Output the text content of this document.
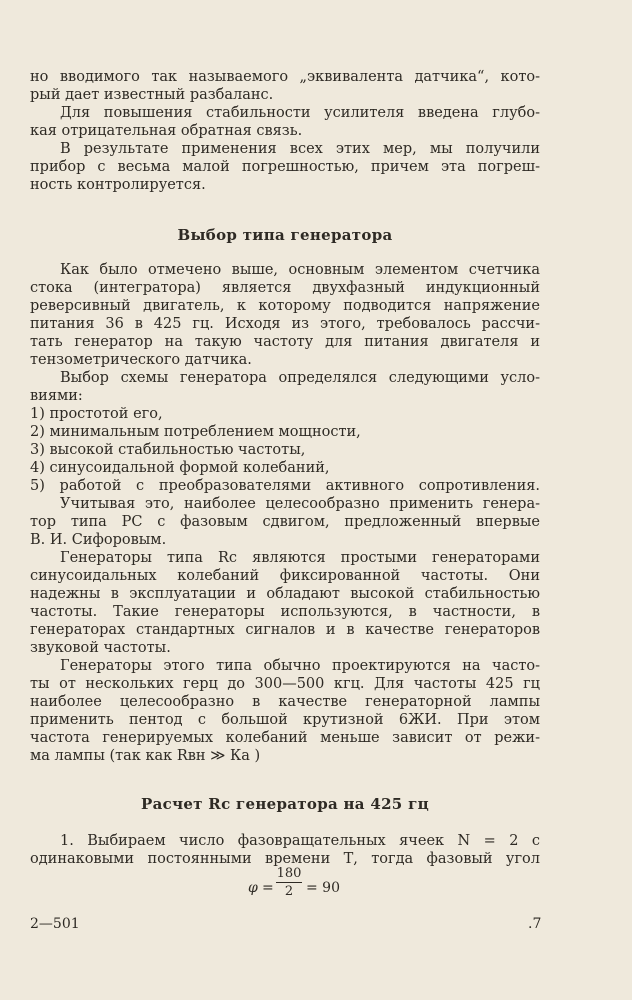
но вводимого так называемого „эквивалента датчика“, кото-
рый дает известный разбаланс.
Для повышения стабильности усилителя введена глубо-
кая отрицательная обратная связь.
В результате применения всех этих мер, мы получили
прибор с весьма малой погрешностью, причем эта погреш-
ность контролируется.
Выбор типа генератора
Как было отмечено выше, основным элементом счетчика
стока (интегратора) является двухфазный индукционный
реверсивный двигатель, к которому подводится напряжение
питания 36 в 425 гц. Исходя из этого, требовалось рассчи-
тать генератор на такую частоту для питания двигателя и
тензометрического датчика.
Выбор схемы генератора определялся следующими усло-
виями:
1) простотой его,
2) минимальным потреблением мощности,
3) высокой стабильностью частоты,
4) синусоидальной формой колебаний,
5) работой с преобразователями активного сопротивления.
Учитывая это, наиболее целесообразно применить генера-
тор типа РС с фазовым сдвигом, предложенный впервые
В. И. Сифоровым.
Генераторы типа Rc являются простыми генераторами
синусоидальных колебаний фиксированной частоты. Они
надежны в эксплуатации и обладают высокой стабильностью
частоты. Такие генераторы используются, в частности, в
генераторах стандартных сигналов и в качестве генераторов
звуковой частоты.
Генераторы этого типа обычно проектируются на часто-
ты от нескольких герц до 300—500 кгц. Для частоты 425 гц
наиболее целесообразно в качестве генераторной лампы
применить пентод с большой крутизной 6ЖИ. При этом
частота генерируемых колебаний меньше зависит от режи-
ма лампы (так как Rвн ≫ Ка )
Расчет Rc генератора на 425 гц
1. Выбираем число фазовращательных ячеек N = 2 с
одинаковыми постоянными времени Т, тогда фазовый угол
φ =
180
2 = 90
2—501	.7
